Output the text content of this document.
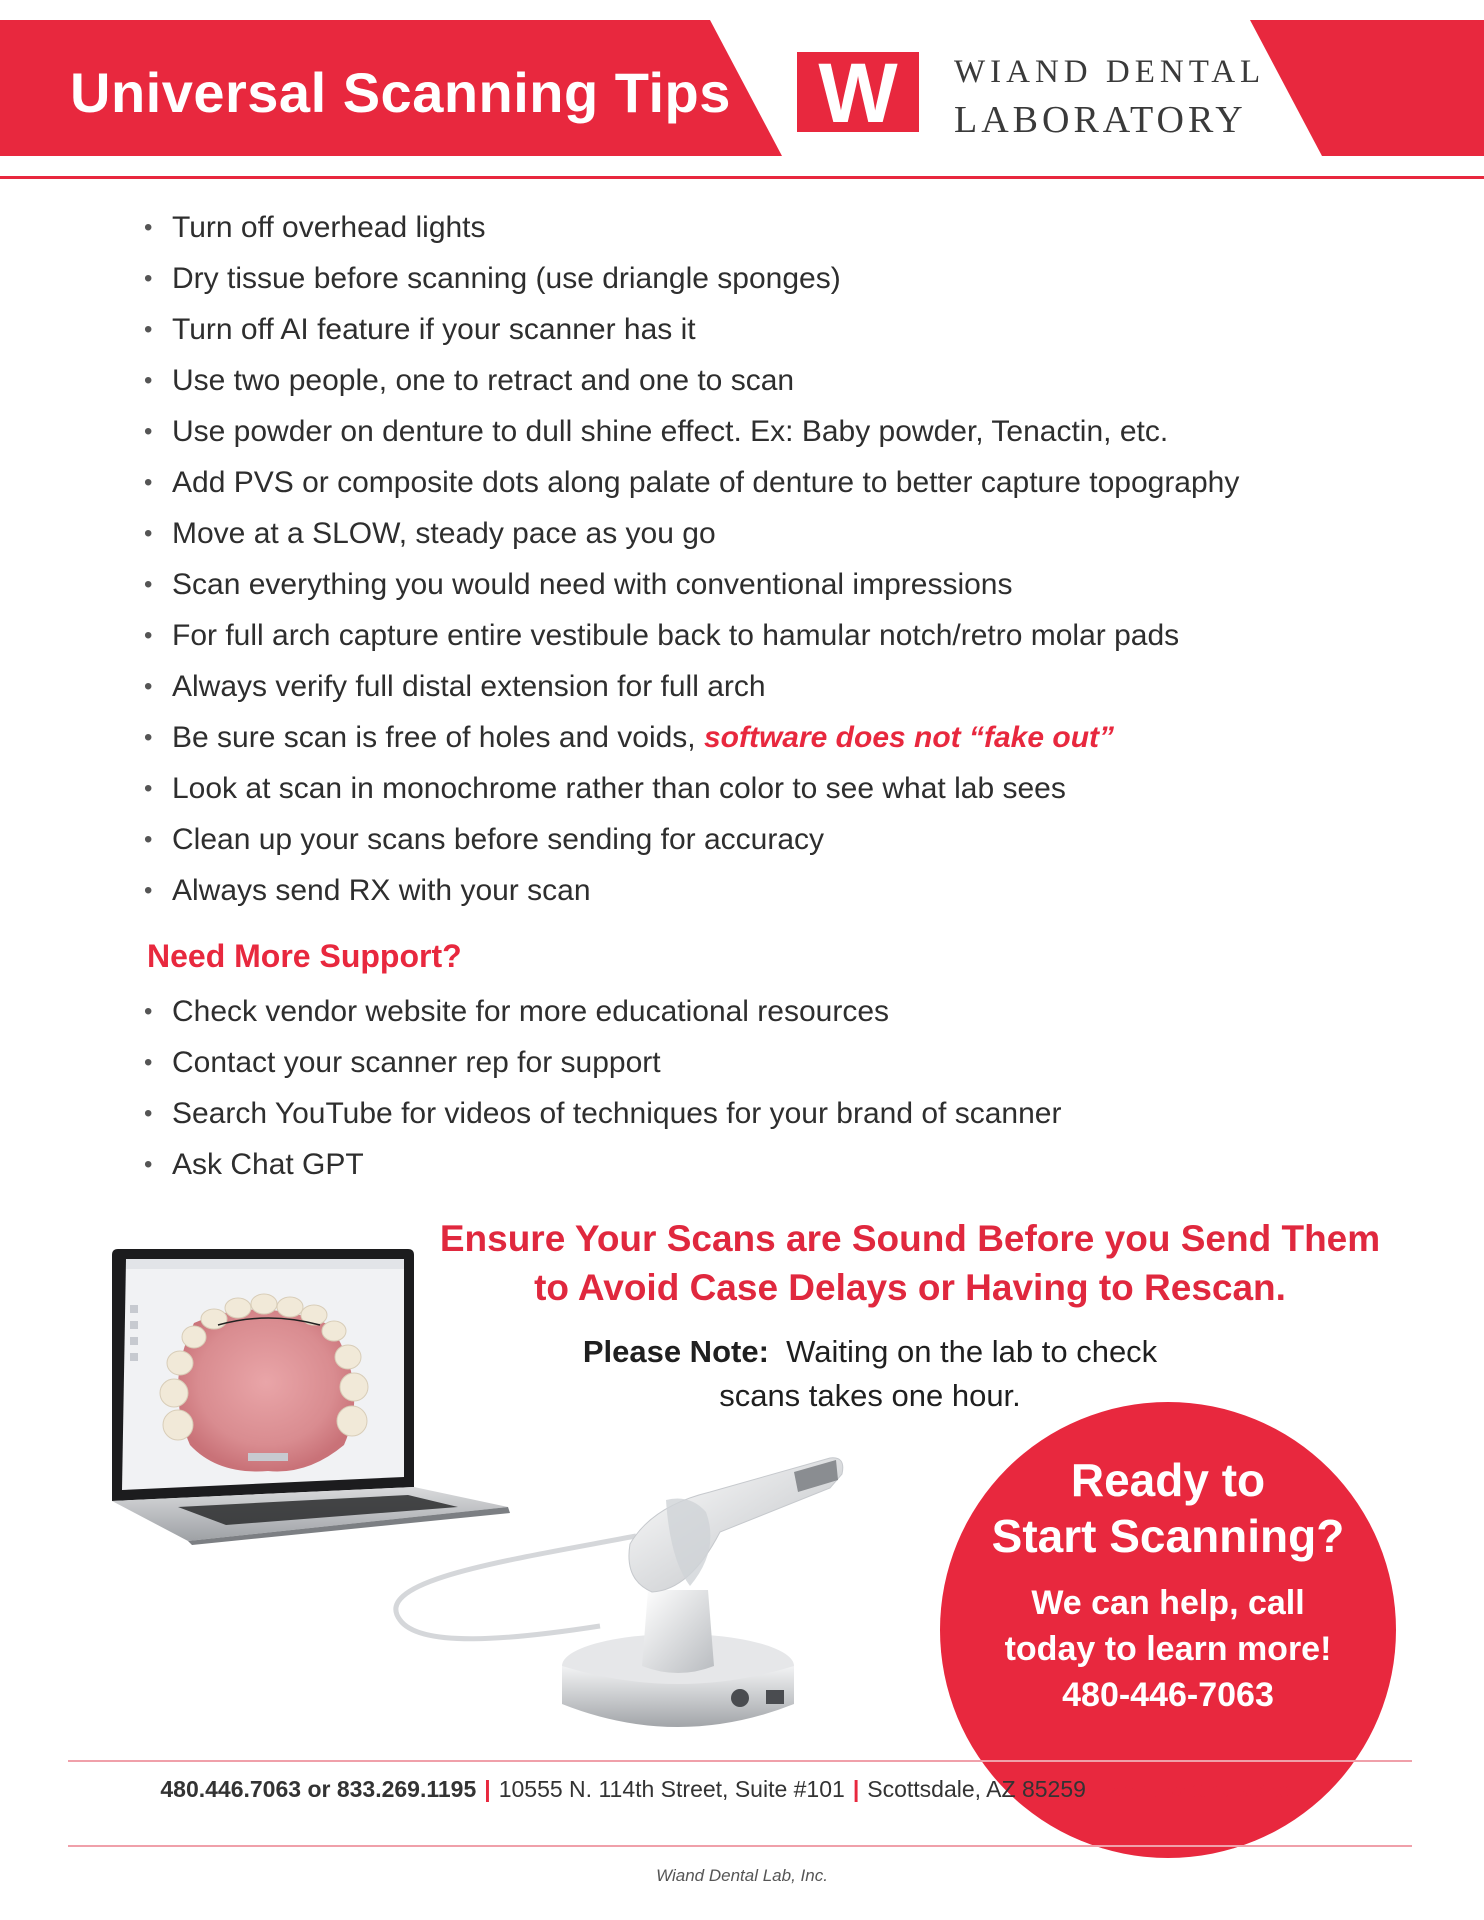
Universal Scanning Tips W WIAND DENTAL
LABORATORY
• Turn off overhead lights
• Dry tissue before scanning (use driangle sponges)
• Turn off AI feature if your scanner has it
• Use two people, one to retract and one to scan
• Use powder on denture to dull shine effect. Ex: Baby powder, Tenactin, etc.
• Add PVS or composite dots along palate of denture to better capture topography
• Move at a SLOW, steady pace as you go
• Scan everything you would need with conventional impressions
• For full arch capture entire vestibule back to hamular notch/retro molar pads
• Always verify full distal extension for full arch
• Be sure scan is free of holes and voids, software does not “fake out”
• Look at scan in monochrome rather than color to see what lab sees
• Clean up your scans before sending for accuracy
• Always send RX with your scan
Need More Support?
• Check vendor website for more educational resources
• Contact your scanner rep for support
• Search YouTube for videos of techniques for your brand of scanner
• Ask Chat GPT
Ensure Your Scans are Sound Before you Send Them
to Avoid Case Delays or Having to Rescan.
Please Note: Waiting on the lab to check
scans takes one hour.
Ready to
Start Scanning?
We can help, call
today to learn more!
480-446-7063
480.446.7063 or 833.269.1195 | 10555 N. 114th Street, Suite #101 | Scottsdale, AZ 85259 | www.wiandlab.com
Wiand Dental Lab, Inc.
